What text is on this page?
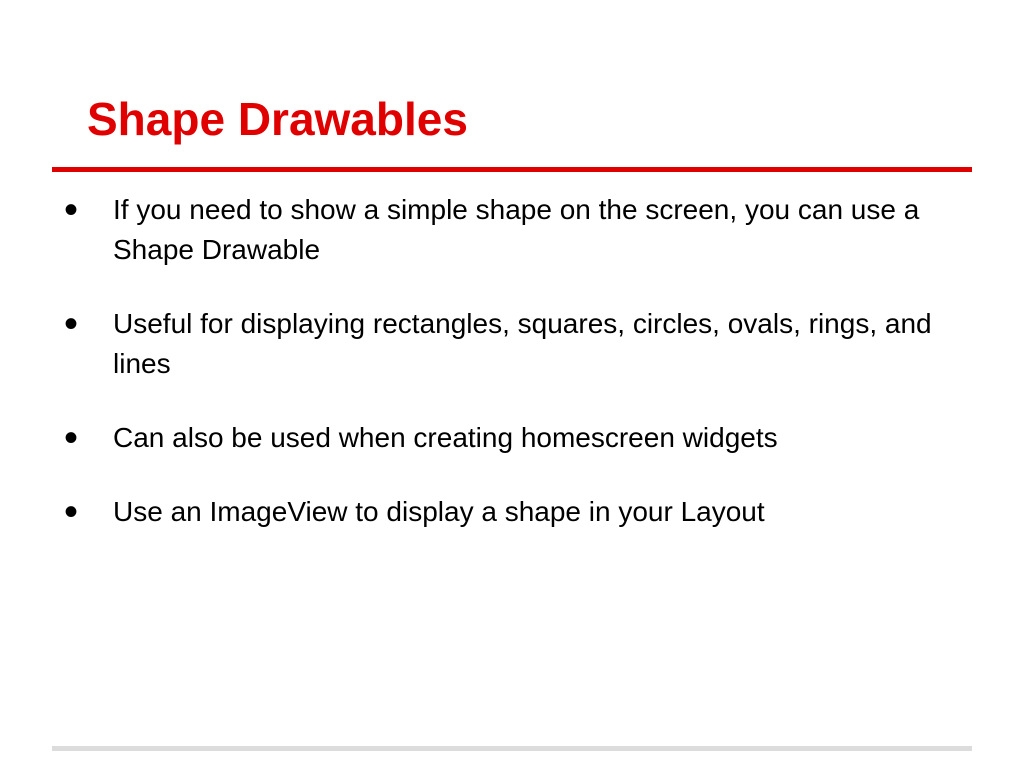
Shape Drawables
• If you need to show a simple shape on the screen, you can use a Shape Drawable
• Useful for displaying rectangles, squares, circles, ovals, rings, and lines
• Can also be used when creating homescreen widgets
• Use an ImageView to display a shape in your Layout
